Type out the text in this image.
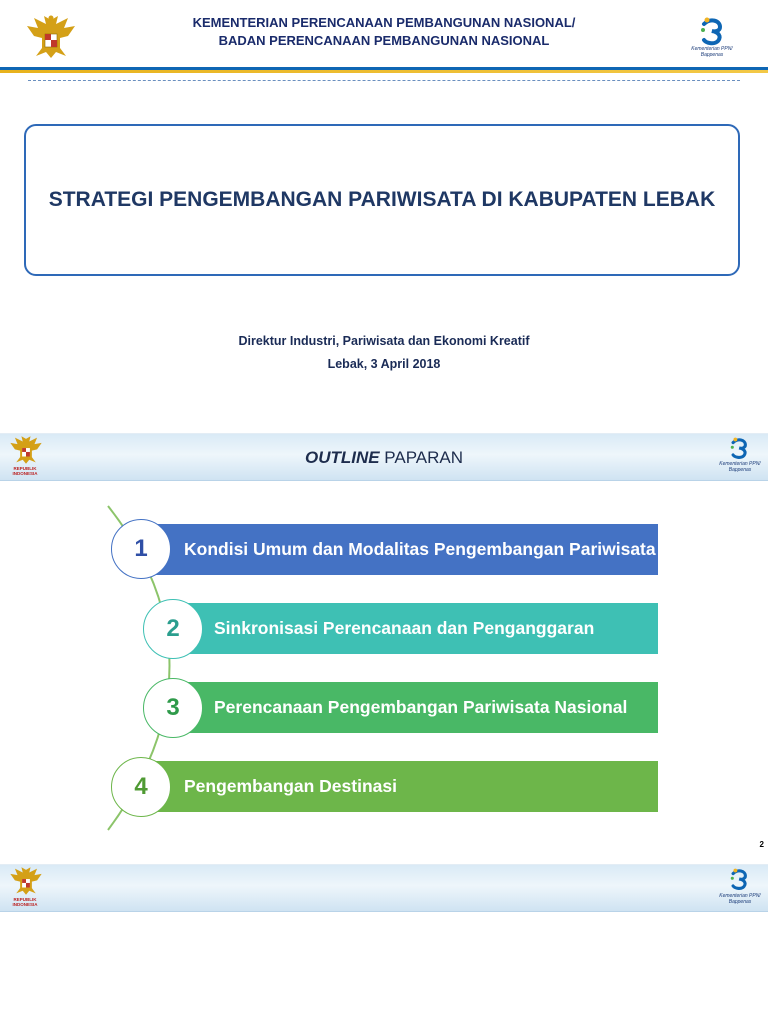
KEMENTERIAN PERENCANAAN PEMBANGUNAN NASIONAL/
BADAN PERENCANAAN PEMBANGUNAN NASIONAL
Kementerian PPN/
Bappenas
STRATEGI PENGEMBANGAN PARIWISATA DI KABUPATEN LEBAK
Direktur Industri, Pariwisata dan Ekonomi Kreatif
Lebak, 3 April 2018
REPUBLIK
INDONESIA
OUTLINE PAPARAN	Kementerian PPN/
Bappenas
Kondisi Umum dan Modalitas Pengembangan Pariwisata
Sinkronisasi Perencanaan dan Penganggaran
Perencanaan Pengembangan Pariwisata Nasional
Pengembangan Destinasi
1
2
3
4
2
REPUBLIK
INDONESIA
Kementerian PPN/
Bappenas
